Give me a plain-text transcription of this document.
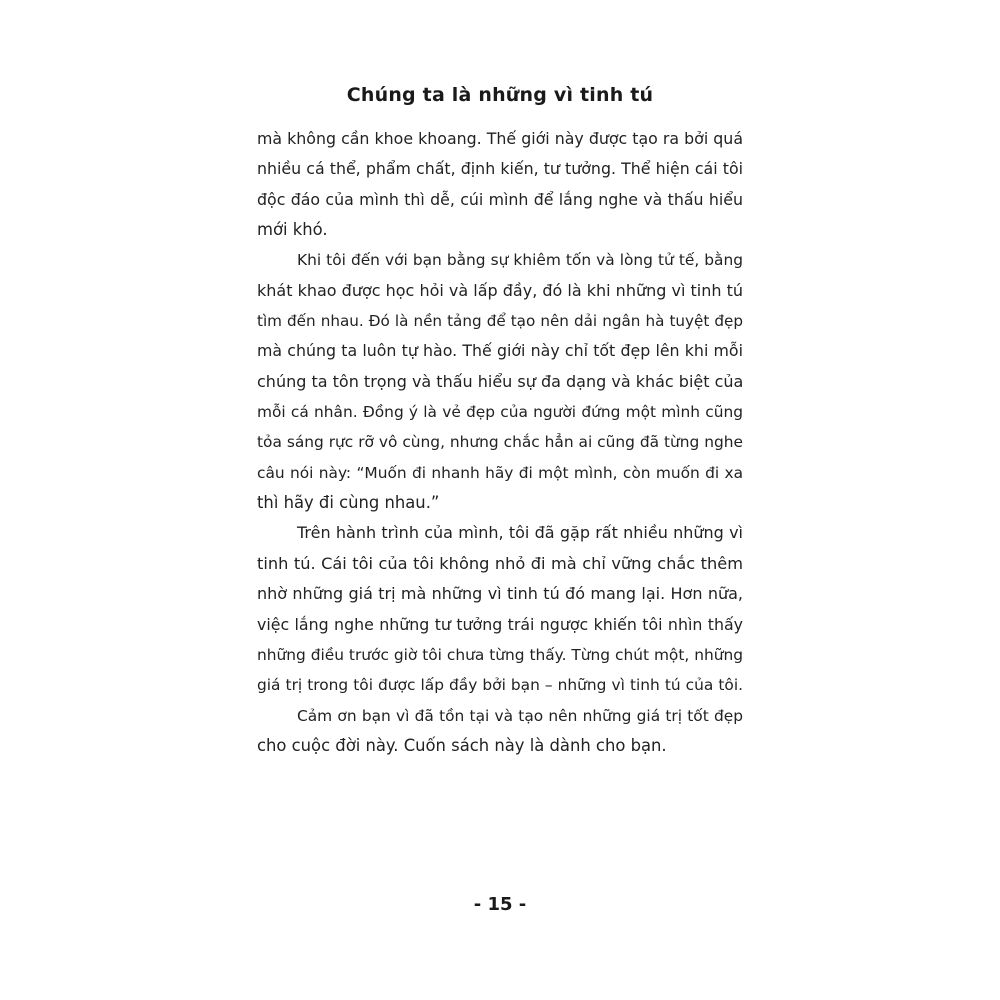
Chúng ta là những vì tinh tú
mà không cần khoe khoang. Thế giới này được tạo ra bởi quá
nhiều cá thể, phẩm chất, định kiến, tư tưởng. Thể hiện cái tôi
độc đáo của mình thì dễ, cúi mình để lắng nghe và thấu hiểu
mới khó.
Khi tôi đến với bạn bằng sự khiêm tốn và lòng tử tế, bằng
khát khao được học hỏi và lấp đầy, đó là khi những vì tinh tú
tìm đến nhau. Đó là nền tảng để tạo nên dải ngân hà tuyệt đẹp
mà chúng ta luôn tự hào. Thế giới này chỉ tốt đẹp lên khi mỗi
chúng ta tôn trọng và thấu hiểu sự đa dạng và khác biệt của
mỗi cá nhân. Đồng ý là vẻ đẹp của người đứng một mình cũng
tỏa sáng rực rỡ vô cùng, nhưng chắc hẳn ai cũng đã từng nghe
câu nói này: “Muốn đi nhanh hãy đi một mình, còn muốn đi xa
thì hãy đi cùng nhau.”
Trên hành trình của mình, tôi đã gặp rất nhiều những vì
tinh tú. Cái tôi của tôi không nhỏ đi mà chỉ vững chắc thêm
nhờ những giá trị mà những vì tinh tú đó mang lại. Hơn nữa,
việc lắng nghe những tư tưởng trái ngược khiến tôi nhìn thấy
những điều trước giờ tôi chưa từng thấy. Từng chút một, những
giá trị trong tôi được lấp đầy bởi bạn – những vì tinh tú của tôi.
Cảm ơn bạn vì đã tồn tại và tạo nên những giá trị tốt đẹp
cho cuộc đời này. Cuốn sách này là dành cho bạn.
- 15 -
